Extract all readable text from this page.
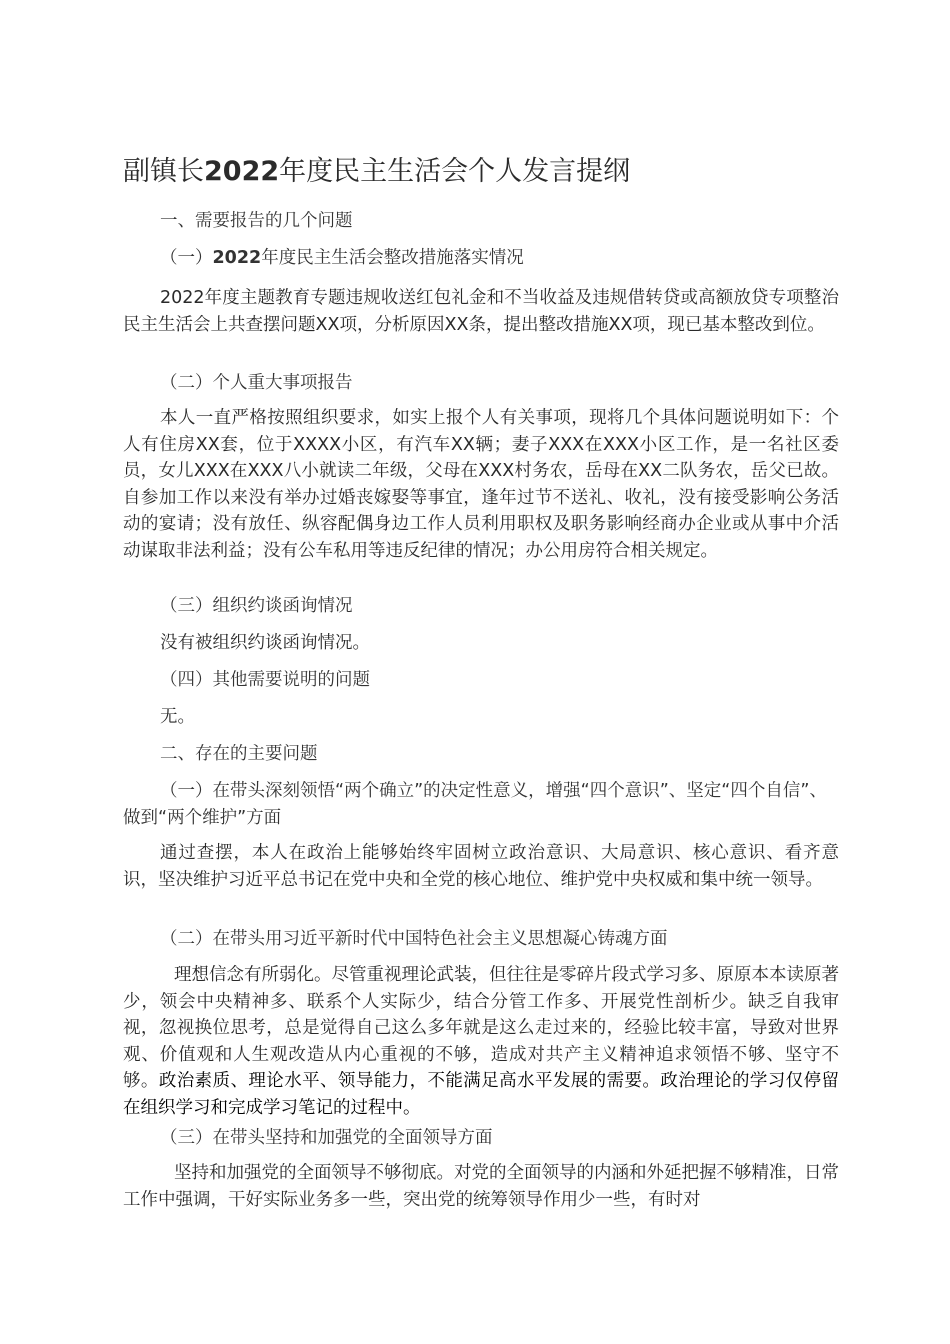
副镇长2022年度民主生活会个人发言提纲
一、需要报告的几个问题
（一）2022年度民主生活会整改措施落实情况
2022年度主题教育专题违规收送红包礼金和不当收益及违规借转贷或高额放贷专项整治民主生活会上共查摆问题XX项，分析原因XX条，提出整改措施XX项，现已基本整改到位。
（二）个人重大事项报告
本人一直严格按照组织要求，如实上报个人有关事项，现将几个具体问题说明如下：个人有住房XX套，位于XXXX小区，有汽车XX辆；妻子XXX在XXX小区工作，是一名社区委员，女儿XXX在XXX八小就读二年级，父母在XXX村务农，岳母在XX二队务农，岳父已故。自参加工作以来没有举办过婚丧嫁娶等事宜，逢年过节不送礼、收礼，没有接受影响公务活动的宴请；没有放任、纵容配偶身边工作人员利用职权及职务影响经商办企业或从事中介活动谋取非法利益；没有公车私用等违反纪律的情况；办公用房符合相关规定。
（三）组织约谈函询情况
没有被组织约谈函询情况。
（四）其他需要说明的问题
无。
二、存在的主要问题
（一）在带头深刻领悟“两个确立”的决定性意义，增强“四个意识”、坚定“四个自信”、做到“两个维护”方面
通过查摆，本人在政治上能够始终牢固树立政治意识、大局意识、核心意识、看齐意识，坚决维护习近平总书记在党中央和全党的核心地位、维护党中央权威和集中统一领导。
（二）在带头用习近平新时代中国特色社会主义思想凝心铸魂方面
理想信念有所弱化。尽管重视理论武装，但往往是零碎片段式学习多、原原本本读原著少，领会中央精神多、联系个人实际少，结合分管工作多、开展党性剖析少。缺乏自我审视，忽视换位思考，总是觉得自己这么多年就是这么走过来的，经验比较丰富，导致对世界观、价值观和人生观改造从内心重视的不够，造成对共产主义精神追求领悟不够、坚守不够。政治素质、理论水平、领导能力，不能满足高水平发展的需要。政治理论的学习仅停留在组织学习和完成学习笔记的过程中。
（三）在带头坚持和加强党的全面领导方面
坚持和加强党的全面领导不够彻底。对党的全面领导的内涵和外延把握不够精准，日常工作中强调，干好实际业务多一些，突出党的统筹领导作用少一些，有时对
